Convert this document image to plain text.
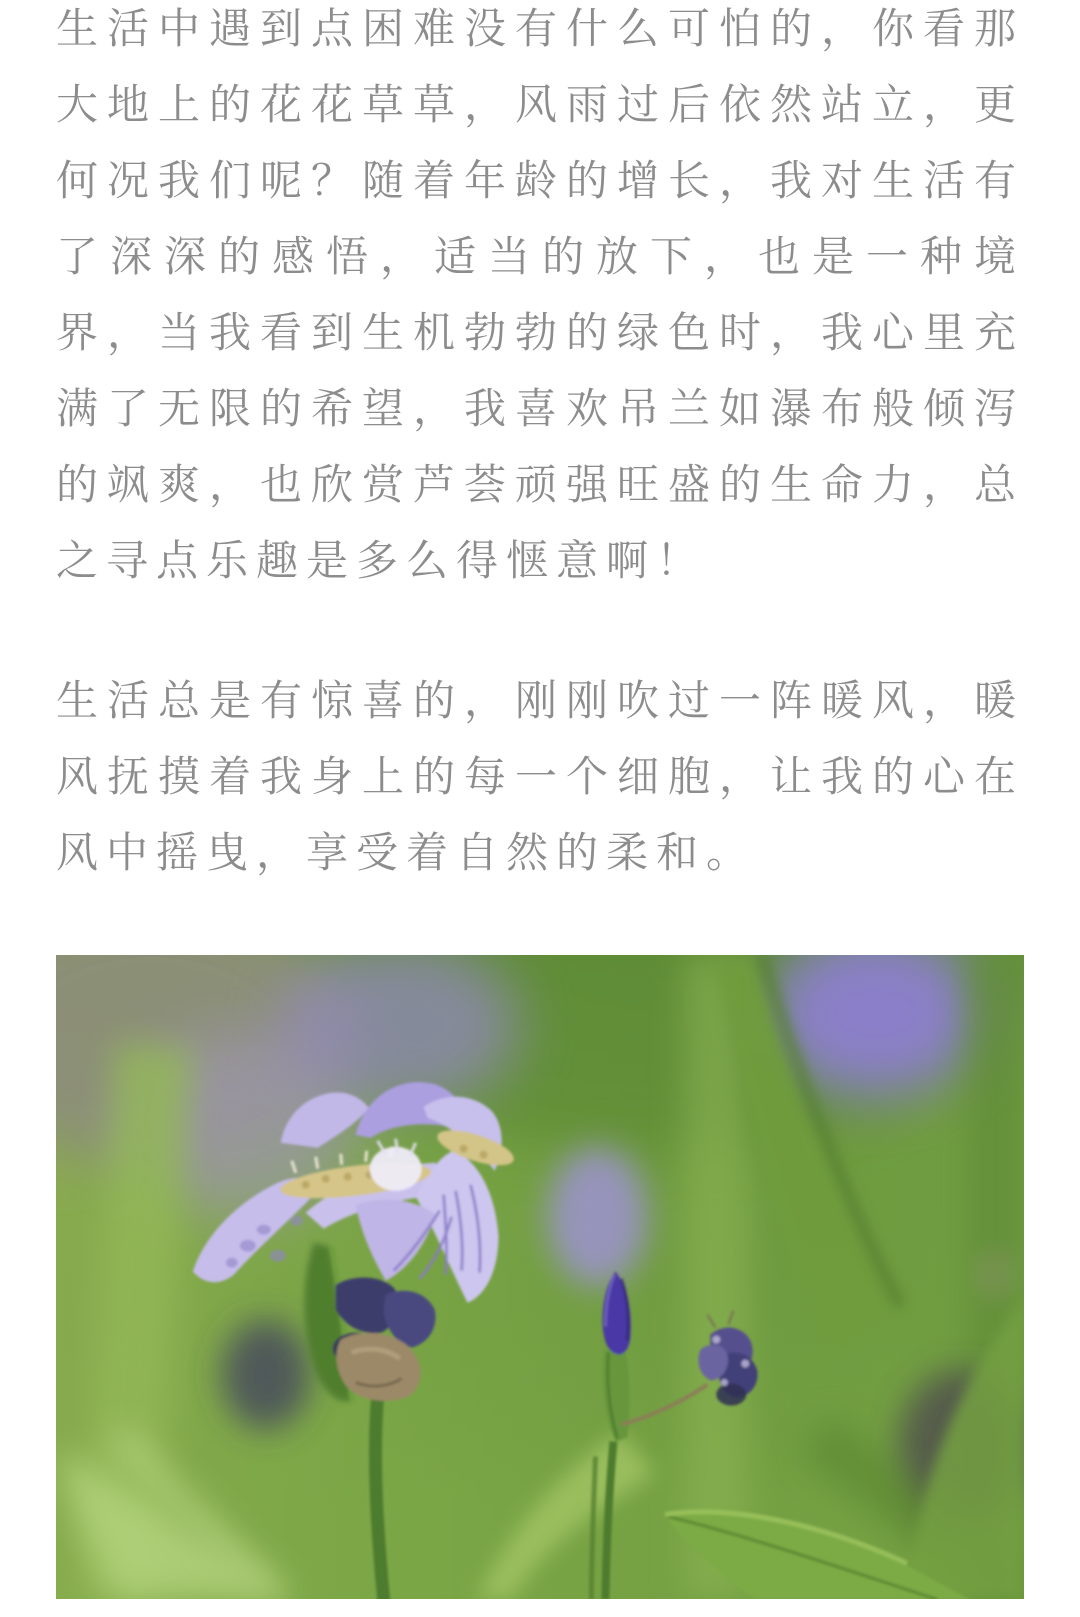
生活中遇到点困难没有什么可怕的，你看那大地上的花花草草，风雨过后依然站立，更何况我们呢？随着年龄的增长，我对生活有了深深的感悟，适当的放下，也是一种境界，当我看到生机勃勃的绿色时，我心里充满了无限的希望，我喜欢吊兰如瀑布般倾泻的飒爽，也欣赏芦荟顽强旺盛的生命力，总之寻点乐趣是多么得惬意啊！

生活总是有惊喜的，刚刚吹过一阵暖风，暖风抚摸着我身上的每一个细胞，让我的心在风中摇曳，享受着自然的柔和。
